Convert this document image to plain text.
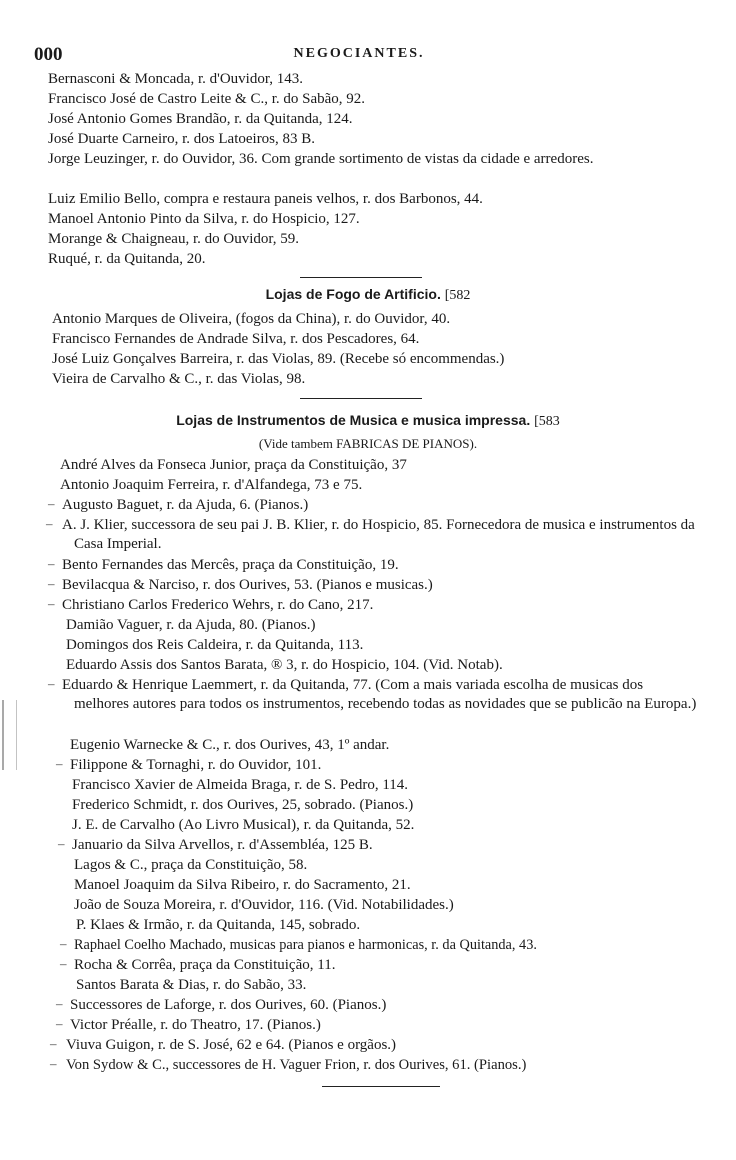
000	NEGOCIANTES.
Bernasconi & Moncada, r. d'Ouvidor, 143.
Francisco José de Castro Leite & C., r. do Sabão, 92.
José Antonio Gomes Brandão, r. da Quitanda, 124.
José Duarte Carneiro, r. dos Latoeiros, 83 B.
Jorge Leuzinger, r. do Ouvidor, 36. Com grande sortimento de vistas da cidade e arredores.
Luiz Emilio Bello, compra e restaura paneis velhos, r. dos Barbonos, 44.
Manoel Antonio Pinto da Silva, r. do Hospicio, 127.
Morange & Chaigneau, r. do Ouvidor, 59.
Ruqué, r. da Quitanda, 20.
Lojas de Fogo de Artificio. [582
Antonio Marques de Oliveira, (fogos da China), r. do Ouvidor, 40.
Francisco Fernandes de Andrade Silva, r. dos Pescadores, 64.
José Luiz Gonçalves Barreira, r. das Violas, 89. (Recebe só encommendas.)
Vieira de Carvalho & C., r. das Violas, 98.
Lojas de Instrumentos de Musica e musica impressa. [583
(Vide tambem FABRICAS DE PIANOS).
André Alves da Fonseca Junior, praça da Constituição, 37
Antonio Joaquim Ferreira, r. d'Alfandega, 73 e 75.
– Augusto Baguet, r. da Ajuda, 6. (Pianos.)
– A. J. Klier, successora de seu pai J. B. Klier, r. do Hospicio, 85. Fornecedora de musica e instrumentos da Casa Imperial.
– Bento Fernandes das Mercês, praça da Constituição, 19.
– Bevilacqua & Narciso, r. dos Ourives, 53. (Pianos e musicas.)
– Christiano Carlos Frederico Wehrs, r. do Cano, 217.
Damião Vaguer, r. da Ajuda, 80. (Pianos.)
Domingos dos Reis Caldeira, r. da Quitanda, 113.
Eduardo Assis dos Santos Barata, ® 3, r. do Hospicio, 104. (Vid. Notab).
– Eduardo & Henrique Laemmert, r. da Quitanda, 77. (Com a mais variada escolha de musicas dos melhores autores para todos os instrumentos, recebendo todas as novidades que se publicão na Europa.)
Eugenio Warnecke & C., r. dos Ourives, 43, 1º andar.
– Filippone & Tornaghi, r. do Ouvidor, 101.
Francisco Xavier de Almeida Braga, r. de S. Pedro, 114.
Frederico Schmidt, r. dos Ourives, 25, sobrado. (Pianos.)
J. E. de Carvalho (Ao Livro Musical), r. da Quitanda, 52.
– Januario da Silva Arvellos, r. d'Assembléa, 125 B.
Lagos & C., praça da Constituição, 58.
Manoel Joaquim da Silva Ribeiro, r. do Sacramento, 21.
João de Souza Moreira, r. d'Ouvidor, 116. (Vid. Notabilidades.)
P. Klaes & Irmão, r. da Quitanda, 145, sobrado.
– Raphael Coelho Machado, musicas para pianos e harmonicas, r. da Quitanda, 43.
– Rocha & Corrêa, praça da Constituição, 11.
Santos Barata & Dias, r. do Sabão, 33.
– Successores de Laforge, r. dos Ourives, 60. (Pianos.)
– Victor Préalle, r. do Theatro, 17. (Pianos.)
– Viuva Guigon, r. de S. José, 62 e 64. (Pianos e orgãos.)
– Von Sydow & C., successores de H. Vaguer Frion, r. dos Ourives, 61. (Pianos.)
